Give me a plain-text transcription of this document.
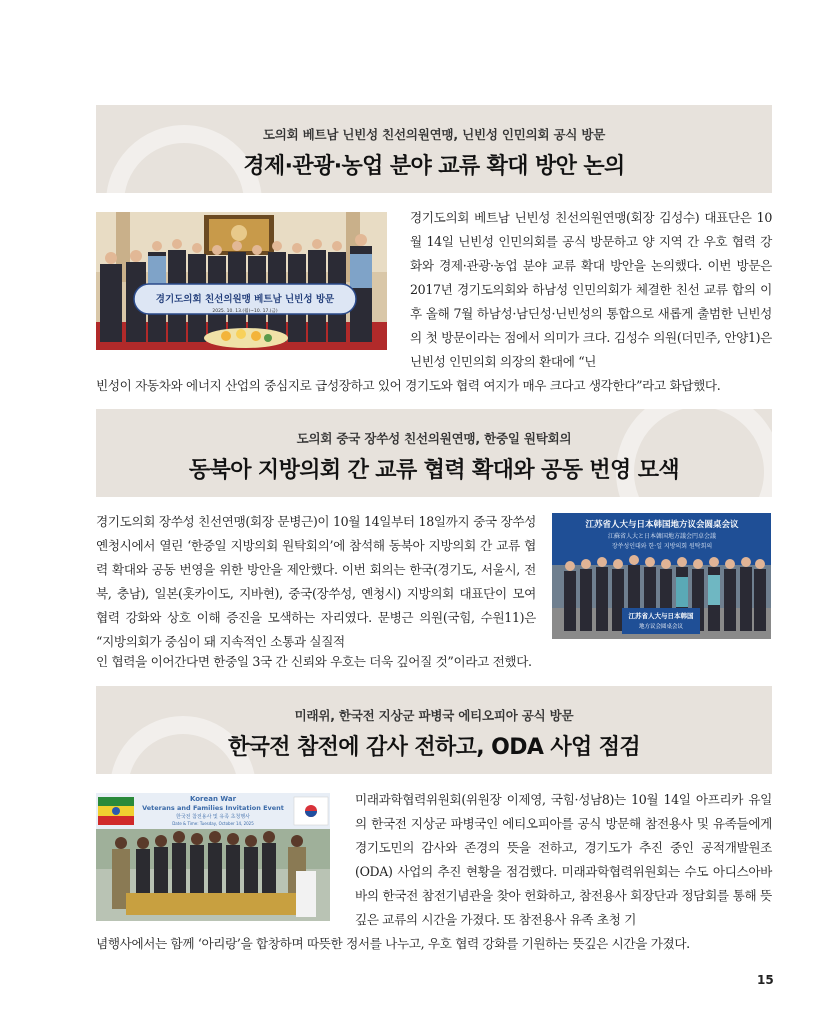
도의회 베트남 닌빈성 친선의원연맹, 닌빈성 인민의회 공식 방문
경제·관광·농업 분야 교류 확대 방안 논의
경기도의회 친선의원맹 베트남 닌빈성 방문
2025. 10. 13.(월)~10. 17.(금)
경기도의회 베트남 닌빈성 친선의원연맹(회장 김성수) 대표단은 10월 14일 닌빈성 인민의회를 공식 방문하고 양 지역 간 우호 협력 강화와 경제·관광·농업 분야 교류 확대 방안을 논의했다. 이번 방문은 2017년 경기도의회와 하남성 인민의회가 체결한 친선 교류 합의 이후 올해 7월 하남성·남딘성·닌빈성의 통합으로 새롭게 출범한 닌빈성의 첫 방문이라는 점에서 의미가 크다. 김성수 의원(더민주, 안양1)은 닌빈성 인민의회 의장의 환대에 “닌
빈성이 자동차와 에너지 산업의 중심지로 급성장하고 있어 경기도와 협력 여지가 매우 크다고 생각한다”라고 화답했다.
도의회 중국 장쑤성 친선의원연맹, 한중일 원탁회의
동북아 지방의회 간 교류 협력 확대와 공동 번영 모색
江苏省人大与日本韩国地方议会圆桌会议
江蘇省人大と日本韓国地方議会円卓会議
장쑤성인대와 한·일 지방의회 원탁회의
江苏省人大与日本韩国
地方议会圆桌会议
경기도의회 장쑤성 친선연맹(회장 문병근)이 10월 14일부터 18일까지 중국 장쑤성 옌청시에서 열린 ‘한중일 지방의회 원탁회의’에 참석해 동북아 지방의회 간 교류 협력 확대와 공동 번영을 위한 방안을 제안했다. 이번 회의는 한국(경기도, 서울시, 전북, 충남), 일본(홋카이도, 지바현), 중국(장쑤성, 옌청시) 지방의회 대표단이 모여 협력 강화와 상호 이해 증진을 모색하는 자리였다. 문병근 의원(국힘, 수원11)은 “지방의회가 중심이 돼 지속적인 소통과 실질적
인 협력을 이어간다면 한중일 3국 간 신뢰와 우호는 더욱 깊어질 것”이라고 전했다.
미래위, 한국전 지상군 파병국 에티오피아 공식 방문
한국전 참전에 감사 전하고, ODA 사업 점검
Korean War
Veterans and Families Invitation Event
한국전 참전용사 및 유족 초청행사
Date & Time: Tuesday, October 14, 2025
미래과학협력위원회(위원장 이제영, 국힘·성남8)는 10월 14일 아프리카 유일의 한국전 지상군 파병국인 에티오피아를 공식 방문해 참전용사 및 유족들에게 경기도민의 감사와 존경의 뜻을 전하고, 경기도가 추진 중인 공적개발원조(ODA) 사업의 추진 현황을 점검했다. 미래과학협력위원회는 수도 아디스아바바의 한국전 참전기념관을 찾아 헌화하고, 참전용사 회장단과 정담회를 통해 뜻깊은 교류의 시간을 가졌다. 또 참전용사 유족 초청 기
념행사에서는 함께 ‘아리랑’을 합창하며 따뜻한 정서를 나누고, 우호 협력 강화를 기원하는 뜻깊은 시간을 가졌다.
15
